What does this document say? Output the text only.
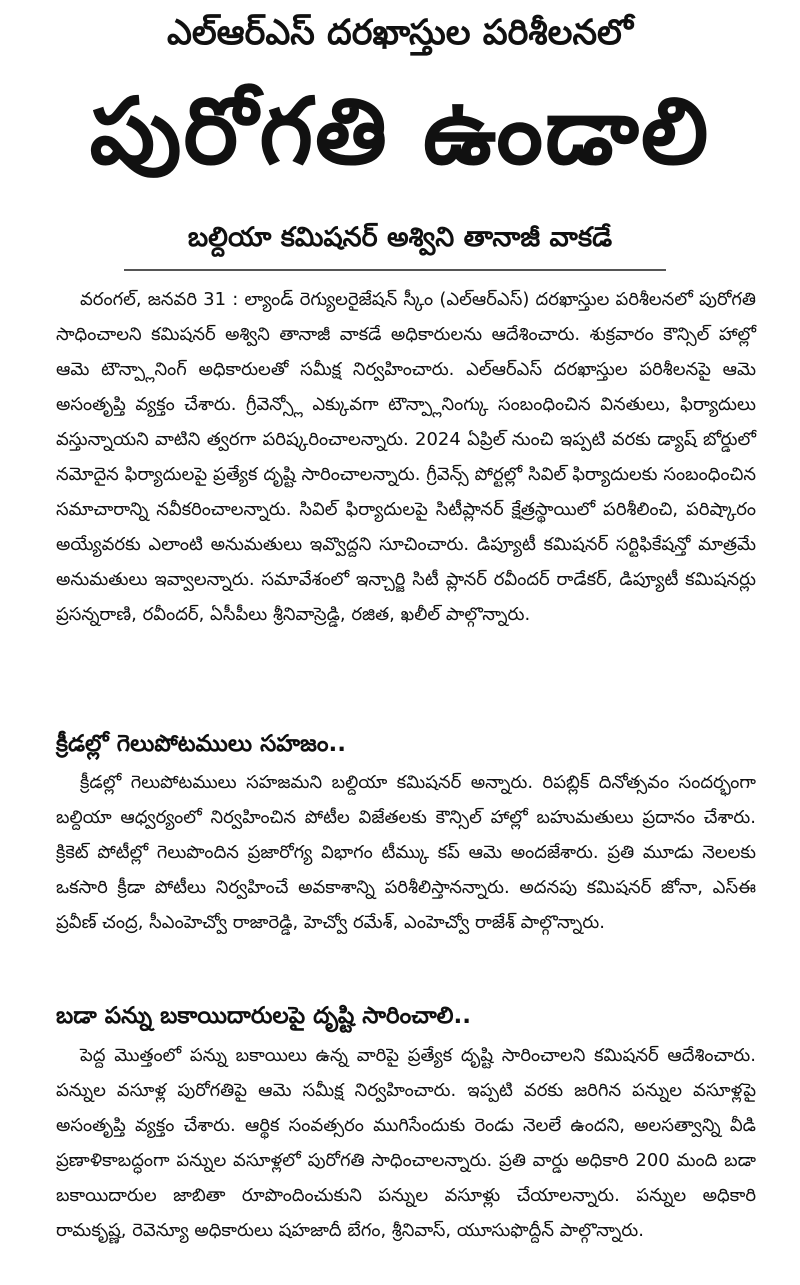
ఎల్ఆర్ఎస్ దరఖాస్తుల పరిశీలనలో
పురోగతి ఉండాలి
బల్దియా కమిషనర్ అశ్విని తానాజీ వాకడే

వరంగల్, జనవరి 31 : ల్యాండ్ రెగ్యులరైజేషన్ స్కీం (ఎల్ఆర్ఎస్) దరఖాస్తుల పరిశీలనలో పురోగతి సాధించాలని కమిషనర్ అశ్విని తానాజీ వాకడే అధికారులను ఆదేశించారు. శుక్రవారం కౌన్సిల్ హాల్లో ఆమె టౌన్ప్లానింగ్ అధికారులతో సమీక్ష నిర్వహించారు. ఎల్ఆర్ఎస్ దరఖాస్తుల పరిశీలనపై ఆమె అసంతృప్తి వ్యక్తం చేశారు. గ్రీవెన్స్లో ఎక్కువగా టౌన్ప్లానింగ్కు సంబంధించిన వినతులు, ఫిర్యాదులు వస్తున్నాయని వాటిని త్వరగా పరిష్కరించాలన్నారు. 2024 ఏప్రిల్ నుంచి ఇప్పటి వరకు డ్యాష్ బోర్డులో నమోదైన ఫిర్యాదులపై ప్రత్యేక దృష్టి సారించాలన్నారు. గ్రీవెన్స్ పోర్టల్లో సివిల్ ఫిర్యాదులకు సంబంధించిన సమాచారాన్ని నవీకరించాలన్నారు. సివిల్ ఫిర్యాదులపై సిటీప్లానర్ క్షేత్రస్థాయిలో పరిశీలించి, పరిష్కారం అయ్యేవరకు ఎలాంటి అనుమతులు ఇవ్వొద్దని సూచించారు. డిప్యూటీ కమిషనర్ సర్టిఫికేషన్తో మాత్రమే అనుమతులు ఇవ్వాలన్నారు. సమావేశంలో ఇన్చార్జి సిటీ ప్లానర్ రవీందర్ రాడేకర్, డిప్యూటీ కమిషనర్లు ప్రసన్నరాణి, రవీందర్, ఏసీపీలు శ్రీనివాస్రెడ్డి, రజిత, ఖలీల్ పాల్గొన్నారు.

క్రీడల్లో గెలుపోటములు సహజం..

క్రీడల్లో గెలుపోటములు సహజమని బల్దియా కమిషనర్ అన్నారు. రిపబ్లిక్ దినోత్సవం సందర్భంగా బల్దియా ఆధ్వర్యంలో నిర్వహించిన పోటీల విజేతలకు కౌన్సిల్ హాల్లో బహుమతులు ప్రదానం చేశారు. క్రికెట్ పోటీల్లో గెలుపొందిన ప్రజారోగ్య విభాగం టీమ్కు కప్ ఆమె అందజేశారు. ప్రతి మూడు నెలలకు ఒకసారి క్రీడా పోటీలు నిర్వహించే అవకాశాన్ని పరిశీలిస్తానన్నారు. అదనపు కమిషనర్ జోనా, ఎస్ఈ ప్రవీణ్ చంద్ర, సీఎంహెచ్వో రాజారెడ్డి, హెచ్వో రమేశ్, ఎంహెచ్వో రాజేశ్ పాల్గొన్నారు.

బడా పన్ను బకాయిదారులపై దృష్టి సారించాలి..

పెద్ద మొత్తంలో పన్ను బకాయిలు ఉన్న వారిపై ప్రత్యేక దృష్టి సారించాలని కమిషనర్ ఆదేశించారు. పన్నుల వసూళ్ల పురోగతిపై ఆమె సమీక్ష నిర్వహించారు. ఇప్పటి వరకు జరిగిన పన్నుల వసూళ్లపై అసంతృప్తి వ్యక్తం చేశారు. ఆర్థిక సంవత్సరం ముగిసేందుకు రెండు నెలలే ఉందని, అలసత్వాన్ని వీడి ప్రణాళికాబద్ధంగా పన్నుల వసూళ్లలో పురోగతి సాధించాలన్నారు. ప్రతి వార్డు అధికారి 200 మంది బడా బకాయిదారుల జాబితా రూపొందించుకుని పన్నుల వసూళ్లు చేయాలన్నారు. పన్నుల అధికారి రామకృష్ణ, రెవెన్యూ అధికారులు షహజాదీ బేగం, శ్రీనివాస్, యూసుఫొద్దీన్ పాల్గొన్నారు.
